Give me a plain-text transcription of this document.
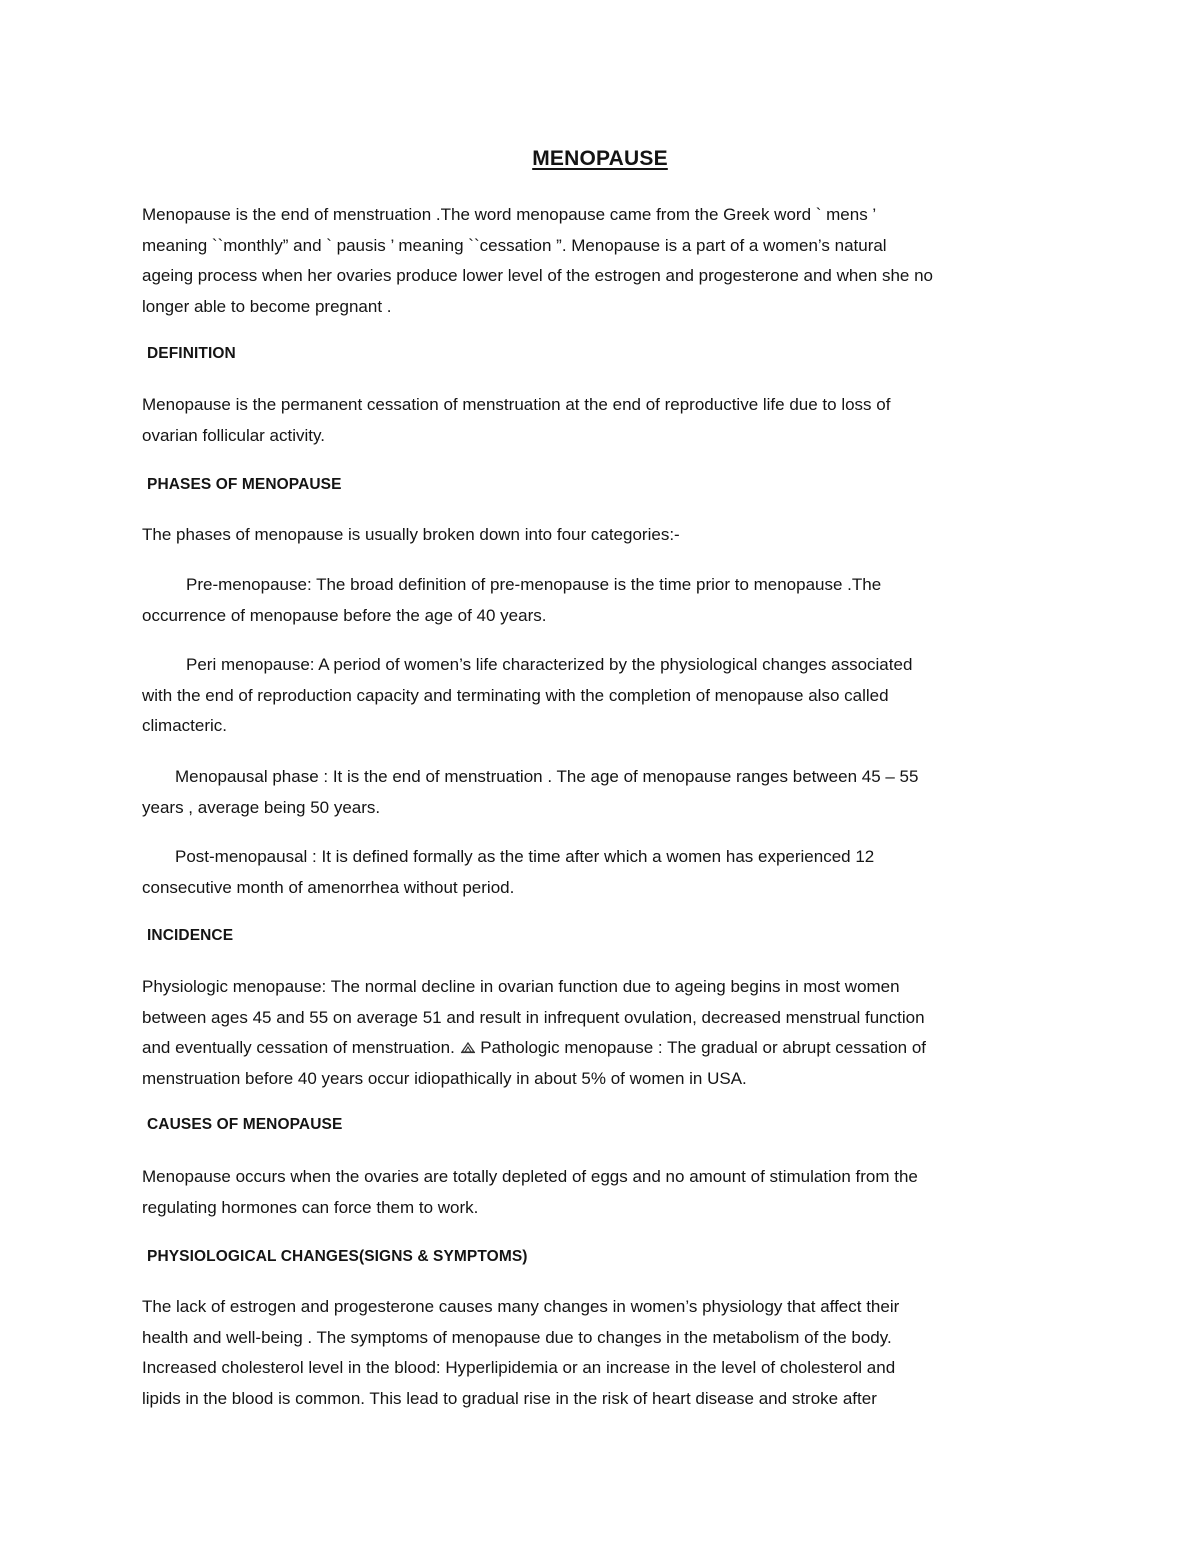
MENOPAUSE
Menopause is the end of menstruation .The word menopause came from the Greek word ` mens ’
meaning ``monthly” and ` pausis ’ meaning ``cessation ”. Menopause is a part of a women’s natural
ageing process when her ovaries produce lower level of the estrogen and progesterone and when she no
longer able to become pregnant .
DEFINITION
Menopause is the permanent cessation of menstruation at the end of reproductive life due to loss of
ovarian follicular activity.
PHASES OF MENOPAUSE
The phases of menopause is usually broken down into four categories:-
Pre-menopause: The broad definition of pre-menopause is the time prior to menopause .The
occurrence of menopause before the age of 40 years.
Peri menopause: A period of women’s life characterized by the physiological changes associated
with the end of reproduction capacity and terminating with the completion of menopause also called
climacteric.
Menopausal phase : It is the end of menstruation . The age of menopause ranges between 45 – 55
years , average being 50 years.
Post-menopausal : It is defined formally as the time after which a women has experienced 12
consecutive month of amenorrhea without period.
INCIDENCE
Physiologic menopause: The normal decline in ovarian function due to ageing begins in most women
between ages 45 and 55 on average 51 and result in infrequent ovulation, decreased menstrual function
and eventually cessation of menstruation.  Pathologic menopause : The gradual or abrupt cessation of
menstruation before 40 years occur idiopathically in about 5% of women in USA.
CAUSES OF MENOPAUSE
Menopause occurs when the ovaries are totally depleted of eggs and no amount of stimulation from the
regulating hormones can force them to work.
PHYSIOLOGICAL CHANGES(SIGNS & SYMPTOMS)
The lack of estrogen and progesterone causes many changes in women’s physiology that affect their
health and well-being . The symptoms of menopause due to changes in the metabolism of the body.
Increased cholesterol level in the blood: Hyperlipidemia or an increase in the level of cholesterol and
lipids in the blood is common. This lead to gradual rise in the risk of heart disease and stroke after
